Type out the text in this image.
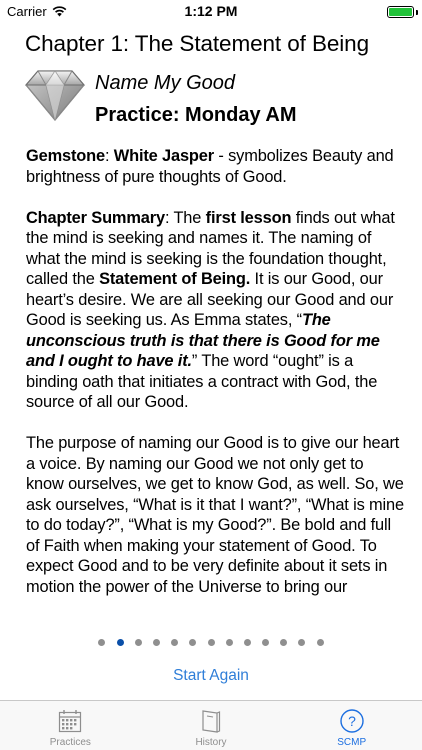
Carrier	1:12 PM
Chapter 1: The Statement of Being
Name My Good
Practice: Monday AM

Gemstone: White Jasper - symbolizes Beauty and brightness of pure thoughts of Good.

Chapter Summary: The first lesson finds out what the mind is seeking and names it. The naming of what the mind is seeking is the foundation thought, called the Statement of Being. It is our Good, our heart’s desire. We are all seeking our Good and our Good is seeking us. As Emma states, “The unconscious truth is that there is Good for me and I ought to have it.” The word “ought” is a binding oath that initiates a contract with God, the source of all our Good.

The purpose of naming our Good is to give our heart a voice. By naming our Good we not only get to know ourselves, we get to know God, as well. So, we ask ourselves, “What is it that I want?”, “What is mine to do today?”, “What is my Good?”. Be bold and full of Faith when making your statement of Good. To expect Good and to be very definite about it sets in motion the power of the Universe to bring our

Start Again
Practices	History
?
SCMP
